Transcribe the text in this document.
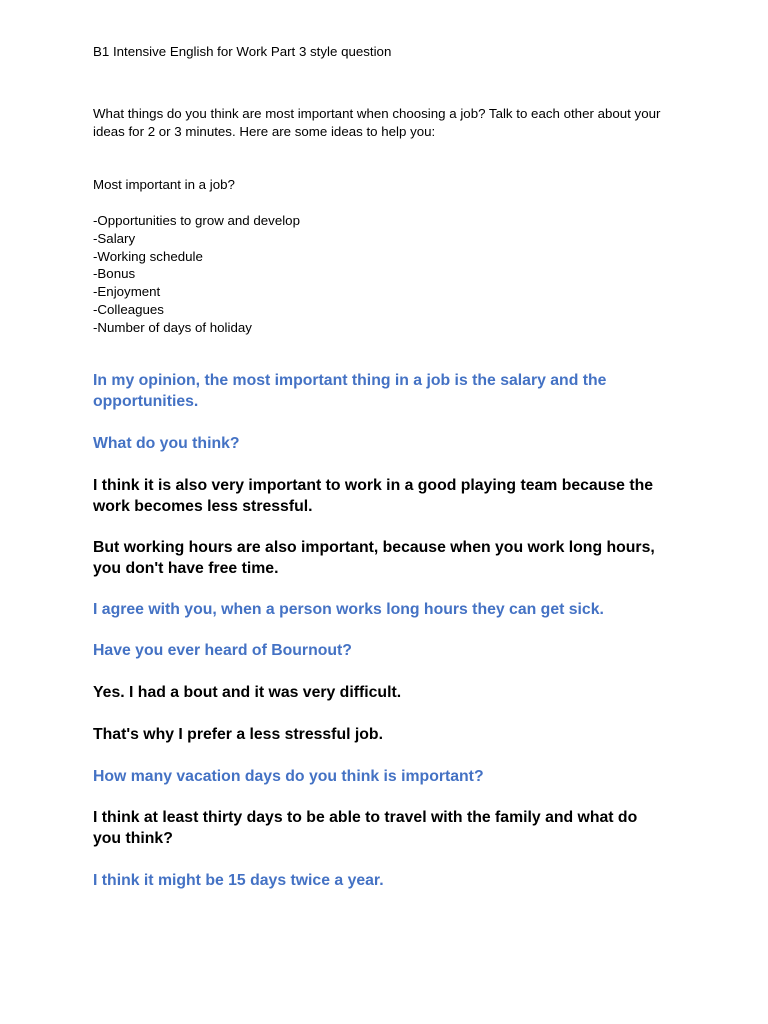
B1 Intensive English for Work Part 3 style question

What things do you think are most important when choosing a job? Talk to each other about your ideas for 2 or 3 minutes. Here are some ideas to help you:

Most important in a job?

-Opportunities to grow and develop
-Salary
-Working schedule
-Bonus
-Enjoyment
-Colleagues
-Number of days of holiday

In my opinion, the most important thing in a job is the salary and the opportunities.

What do you think?

I think it is also very important to work in a good playing team because the work becomes less stressful.

But working hours are also important, because when you work long hours, you don't have free time.

I agree with you, when a person works long hours they can get sick.

Have you ever heard of Bournout?

Yes. I had a bout and it was very difficult.

That's why I prefer a less stressful job.

How many vacation days do you think is important?

I think at least thirty days to be able to travel with the family and what do you think?

I think it might be 15 days twice a year.
